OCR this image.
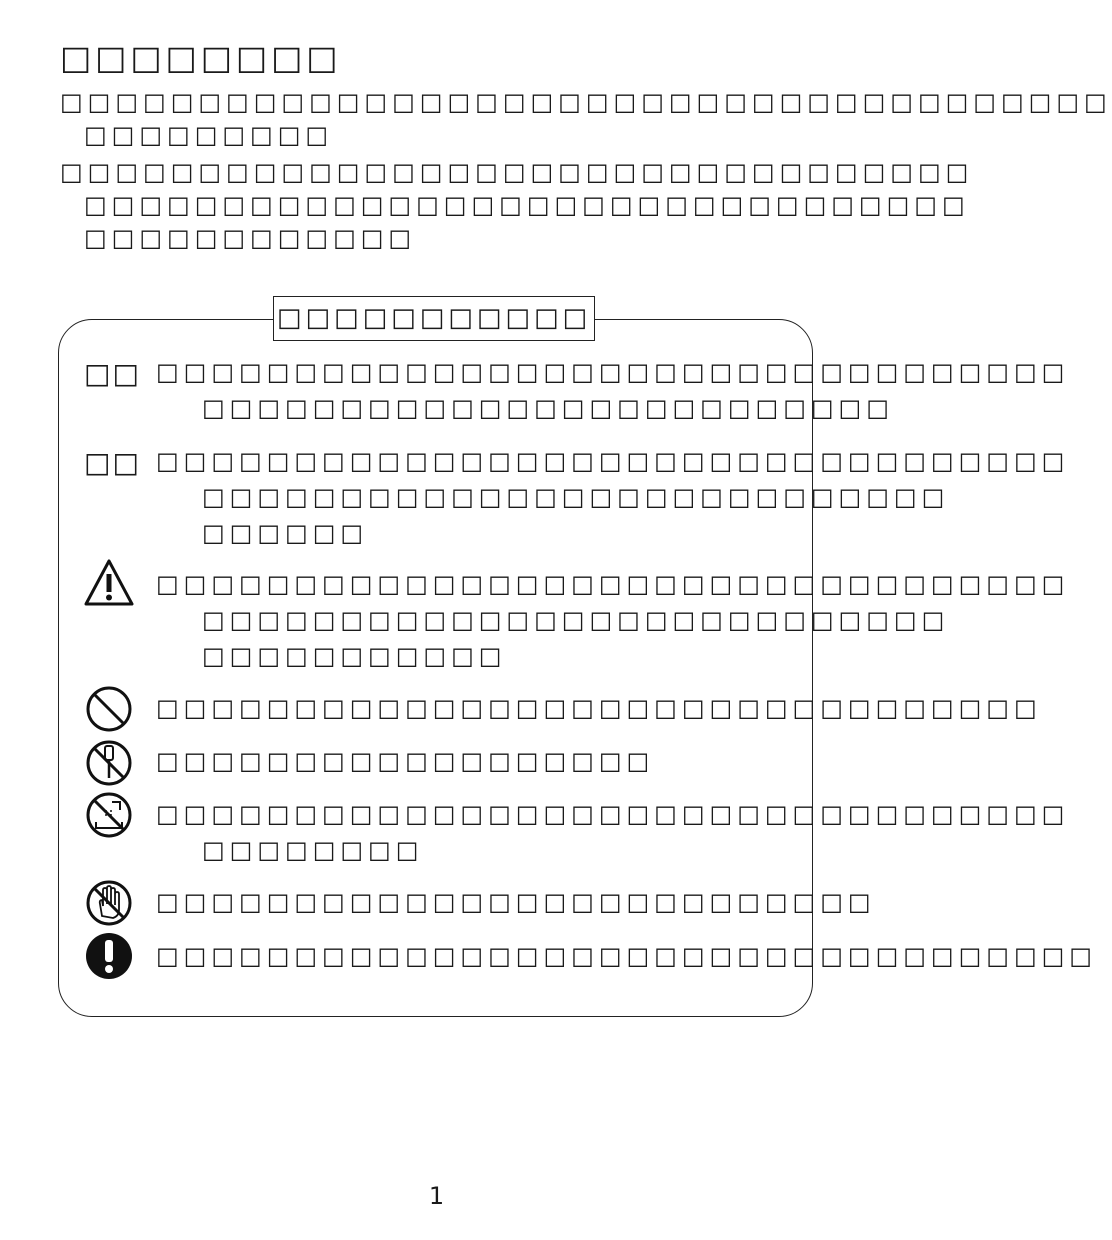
□□□□□□□□
□□□□□□□□□□□□□□□□□□□□□□□□□□□□□□□□□□□□□□
□□□□□□□□□
□□□□□□□□□□□□□□□□□□□□□□□□□□□□□□□□□
□□□□□□□□□□□□□□□□□□□□□□□□□□□□□□□□
□□□□□□□□□□□□
□□□□□□□□□□□
□□ □□□□□□□□□□□□□□□□□□□□□□□□□□□□□□□□□
□□□□□□□□□□□□□□□□□□□□□□□□□
□□ □□□□□□□□□□□□□□□□□□□□□□□□□□□□□□□□□
□□□□□□□□□□□□□□□□□□□□□□□□□□□
□□□□□□
□□□□□□□□□□□□□□□□□□□□□□□□□□□□□□□□□
□□□□□□□□□□□□□□□□□□□□□□□□□□□
□□□□□□□□□□□
□□□□□□□□□□□□□□□□□□□□□□□□□□□□□□□□
□□□□□□□□□□□□□□□□□□
□□□□□□□□□□□□□□□□□□□□□□□□□□□□□□□□□
□□□□□□□□
□□□□□□□□□□□□□□□□□□□□□□□□□□
□□□□□□□□□□□□□□□□□□□□□□□□□□□□□□□□□□
1
